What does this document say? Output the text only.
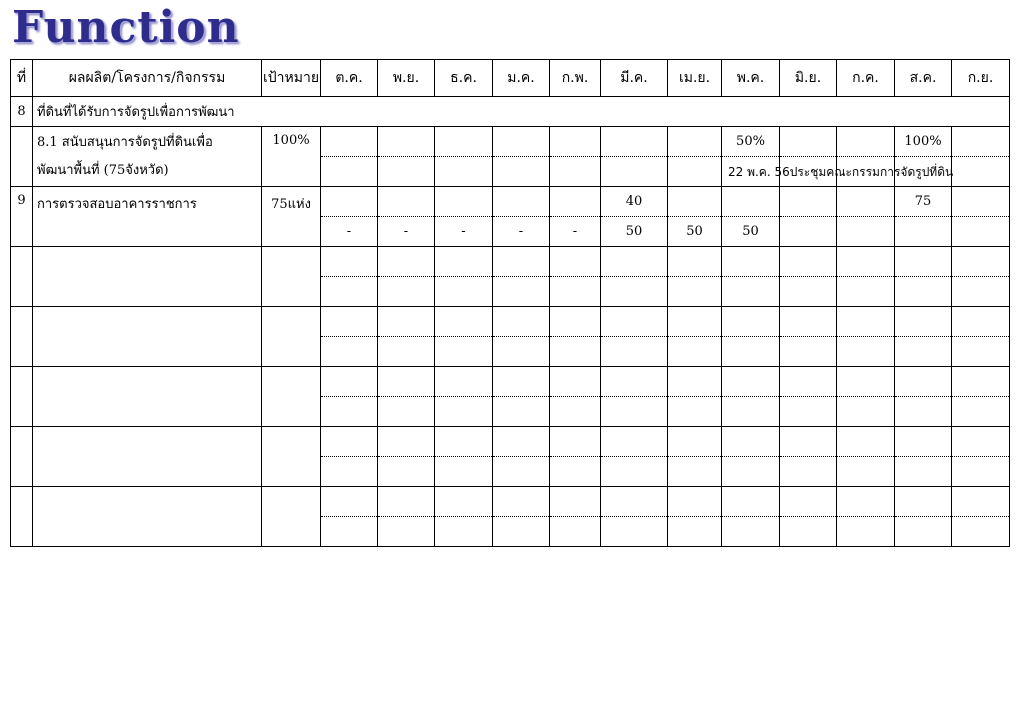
Function
ที่	ผลผลิต/โครงการ/กิจกรรม	เป้าหมาย	ต.ค.	พ.ย.	ธ.ค.	ม.ค.	ก.พ.	มี.ค.	เม.ย.	พ.ค.	มิ.ย.	ก.ค.	ส.ค.	ก.ย.
8	ที่ดินที่ได้รับการจัดรูปเพื่อการพัฒนา													

	8.1 สนับสนุนการจัดรูปที่ดินเพื่อ พัฒนาพื้นที่ (75จังหวัด)	100%								50%			100%	

										22 พ.ค. 56ประชุมคณะกรรมการจัดรูปที่ดิน				

9	การตรวจสอบอาคารราชการ	75แห่ง						40					75	
			-	-	-	-	-	50	50	50				
